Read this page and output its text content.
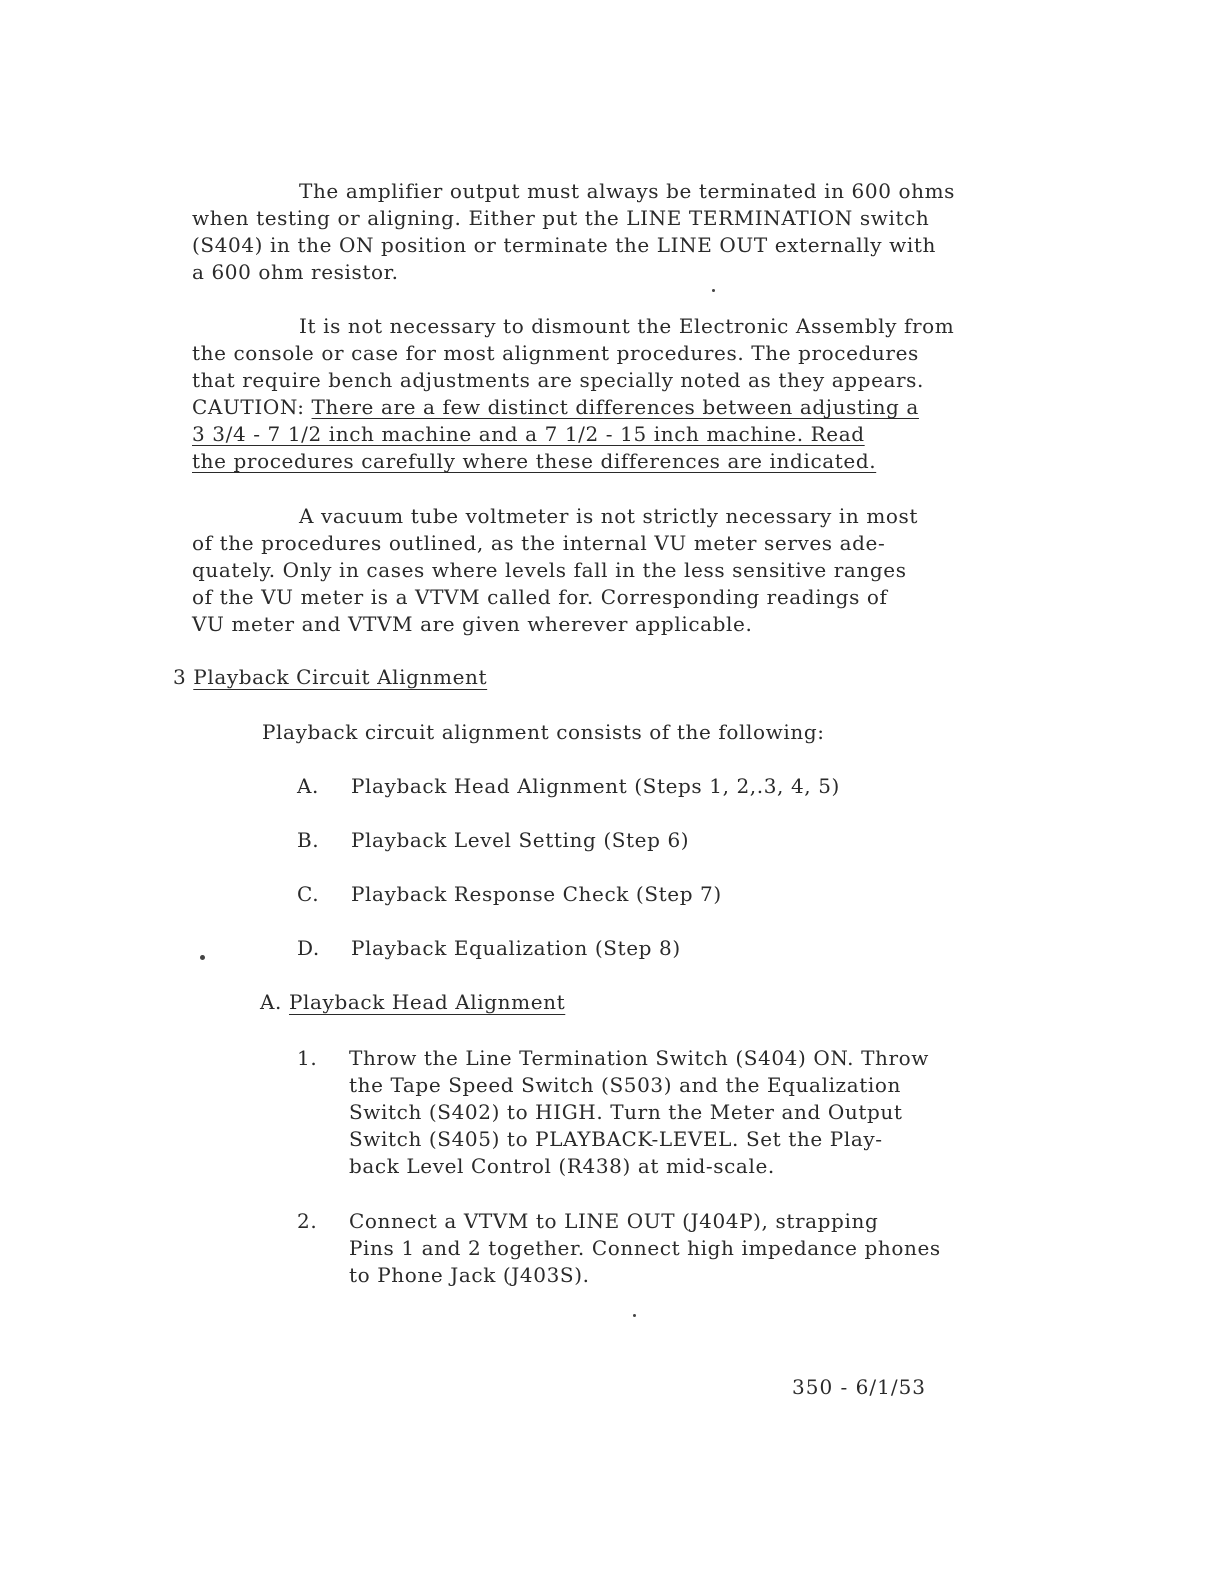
The amplifier output must always be terminated in 600 ohms
when testing or aligning. Either put the LINE TERMINATION switch
(S404) in the ON position or terminate the LINE OUT externally with
a 600 ohm resistor.
It is not necessary to dismount the Electronic Assembly from
the console or case for most alignment procedures. The procedures
that require bench adjustments are specially noted as they appears.
CAUTION: There are a few distinct differences between adjusting a
3 3/4 - 7 1/2 inch machine and a 7 1/2 - 15 inch machine. Read
the procedures carefully where these differences are indicated.
A vacuum tube voltmeter is not strictly necessary in most
of the procedures outlined, as the internal VU meter serves ade-
quately. Only in cases where levels fall in the less sensitive ranges
of the VU meter is a VTVM called for. Corresponding readings of
VU meter and VTVM are given wherever applicable.
3 Playback Circuit Alignment
Playback circuit alignment consists of the following:
A. Playback Head Alignment (Steps 1, 2,.3, 4, 5)
B. Playback Level Setting (Step 6)
C. Playback Response Check (Step 7)
D. Playback Equalization (Step 8)
A. Playback Head Alignment
1. Throw the Line Termination Switch (S404) ON. Throw
the Tape Speed Switch (S503) and the Equalization
Switch (S402) to HIGH. Turn the Meter and Output
Switch (S405) to PLAYBACK-LEVEL. Set the Play-
back Level Control (R438) at mid-scale.
2. Connect a VTVM to LINE OUT (J404P), strapping
Pins 1 and 2 together. Connect high impedance phones
to Phone Jack (J403S).
350 - 6/1/53
